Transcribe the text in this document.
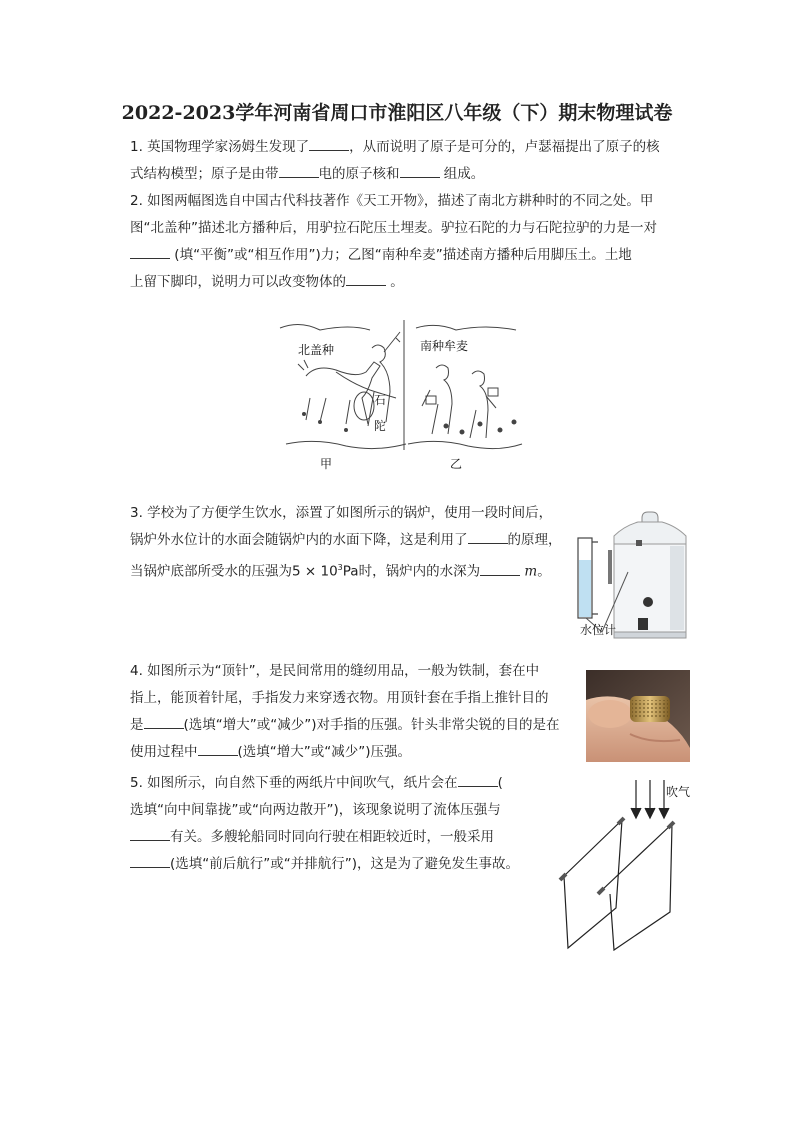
2022-2023学年河南省周口市淮阳区八年级（下）期末物理试卷

1. 英国物理学家汤姆生发现了	，从而说明了原子是可分的，卢瑟福提出了原子的核

式结构模型；原子是由带	电的原子核和	组成。

2. 如图两幅图选自中国古代科技著作《天工开物》，描述了南北方耕种时的不同之处。甲

图“北盖种”描述北方播种后，用驴拉石陀压土埋麦。驴拉石陀的力与石陀拉驴的力是一对

(填“平衡”或“相互作用”)力；乙图“南种牟麦”描述南方播种后用脚压土。土地

上留下脚印，说明力可以改变物体的	。

北盖种	南种牟麦
石
陀
甲	乙

3. 学校为了方便学生饮水，添置了如图所示的锅炉，使用一段时间后，

锅炉外水位计的水面会随锅炉内的水面下降，这是利用了	的原理，

当锅炉底部所受水的压强为$5 \times 10^3Pa$时，锅炉内的水深为	m。

水位计

4. 如图所示为“顶针”，是民间常用的缝纫用品，一般为铁制，套在中

指上，能顶着针尾，手指发力来穿透衣物。用顶针套在手指上推针目的

是	(选填“增大”或“减少”)对手指的压强。针头非常尖锐的目的是在

使用过程中	(选填“增大”或“减少”)压强。

5. 如图所示，向自然下垂的两纸片中间吹气，纸片会在	(

选填“向中间靠拢”或“向两边散开”)，该现象说明了流体压强与

有关。多艘轮船同时同向行驶在相距较近时，一般采用

(选填“前后航行”或“并排航行”)，这是为了避免发生事故。

吹气
